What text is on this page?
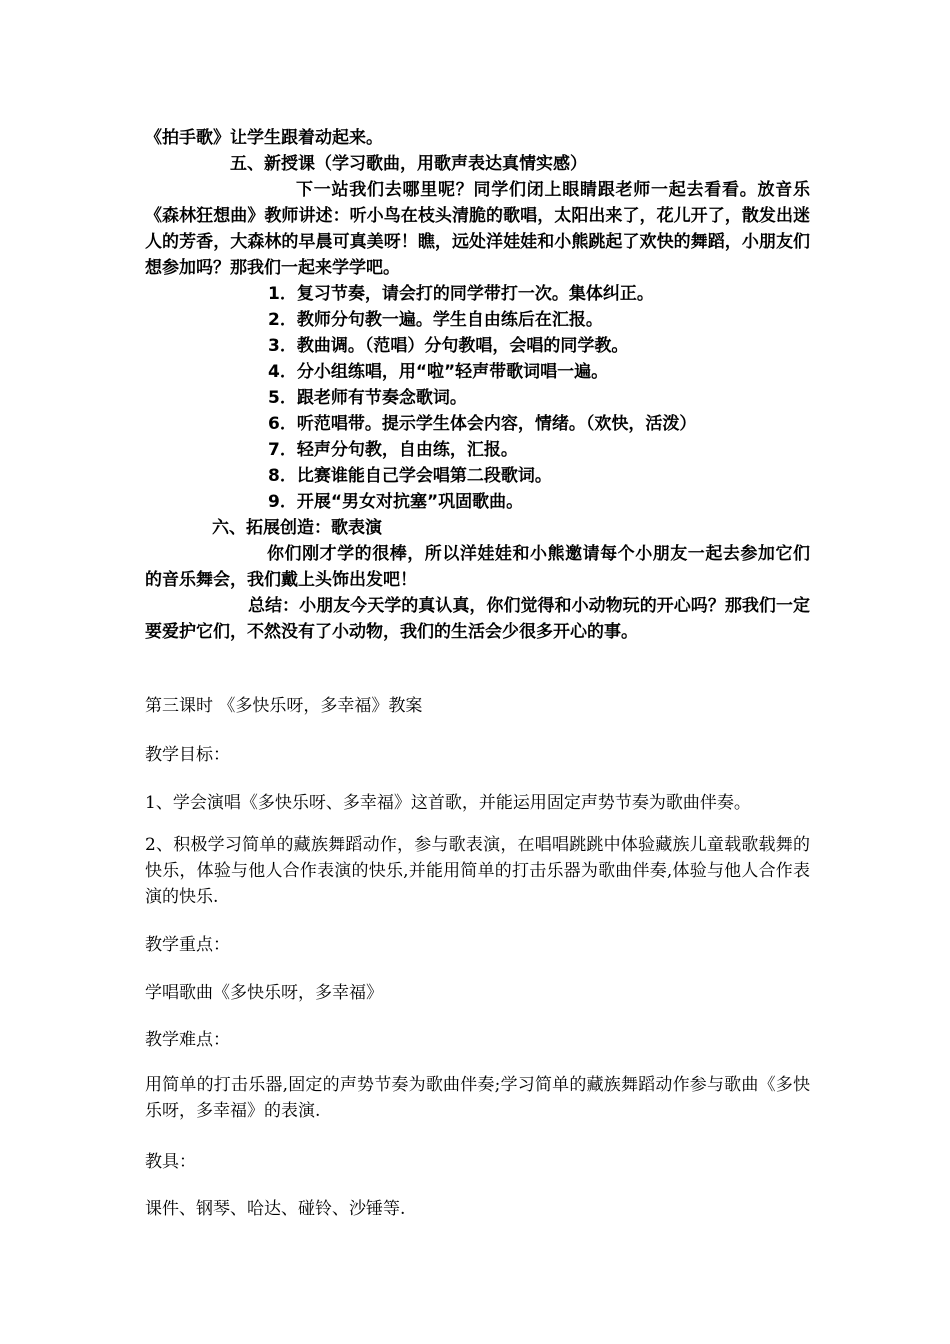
《拍手歌》让学生跟着动起来。
五、新授课（学习歌曲，用歌声表达真情实感）
下一站我们去哪里呢？同学们闭上眼睛跟老师一起去看看。放音乐《森林狂想曲》教师讲述：听小鸟在枝头清脆的歌唱，太阳出来了，花儿开了，散发出迷人的芳香，大森林的早晨可真美呀！瞧，远处洋娃娃和小熊跳起了欢快的舞蹈，小朋友们想参加吗？那我们一起来学学吧。
1．复习节奏，请会打的同学带打一次。集体纠正。
2．教师分句教一遍。学生自由练后在汇报。
3．教曲调。（范唱）分句教唱，会唱的同学教。
4．分小组练唱，用“啦”轻声带歌词唱一遍。
5．跟老师有节奏念歌词。
6．听范唱带。提示学生体会内容，情绪。（欢快，活泼）
7．轻声分句教，自由练，汇报。
8．比赛谁能自己学会唱第二段歌词。
9．开展“男女对抗塞”巩固歌曲。
六、拓展创造：歌表演
你们刚才学的很棒，所以洋娃娃和小熊邀请每个小朋友一起去参加它们的音乐舞会，我们戴上头饰出发吧！
总结：小朋友今天学的真认真，你们觉得和小动物玩的开心吗？那我们一定要爱护它们，不然没有了小动物，我们的生活会少很多开心的事。
第三课时 《多快乐呀，多幸福》教案
教学目标：
1、学会演唱《多快乐呀、多幸福》这首歌，并能运用固定声势节奏为歌曲伴奏。
2、积极学习简单的藏族舞蹈动作，参与歌表演，在唱唱跳跳中体验藏族儿童载歌载舞的快乐，体验与他人合作表演的快乐,并能用简单的打击乐器为歌曲伴奏,体验与他人合作表演的快乐.
教学重点：
学唱歌曲《多快乐呀，多幸福》
教学难点：
用简单的打击乐器,固定的声势节奏为歌曲伴奏;学习简单的藏族舞蹈动作参与歌曲《多快乐呀，多幸福》的表演.
教具：
课件、钢琴、哈达、碰铃、沙锤等.
